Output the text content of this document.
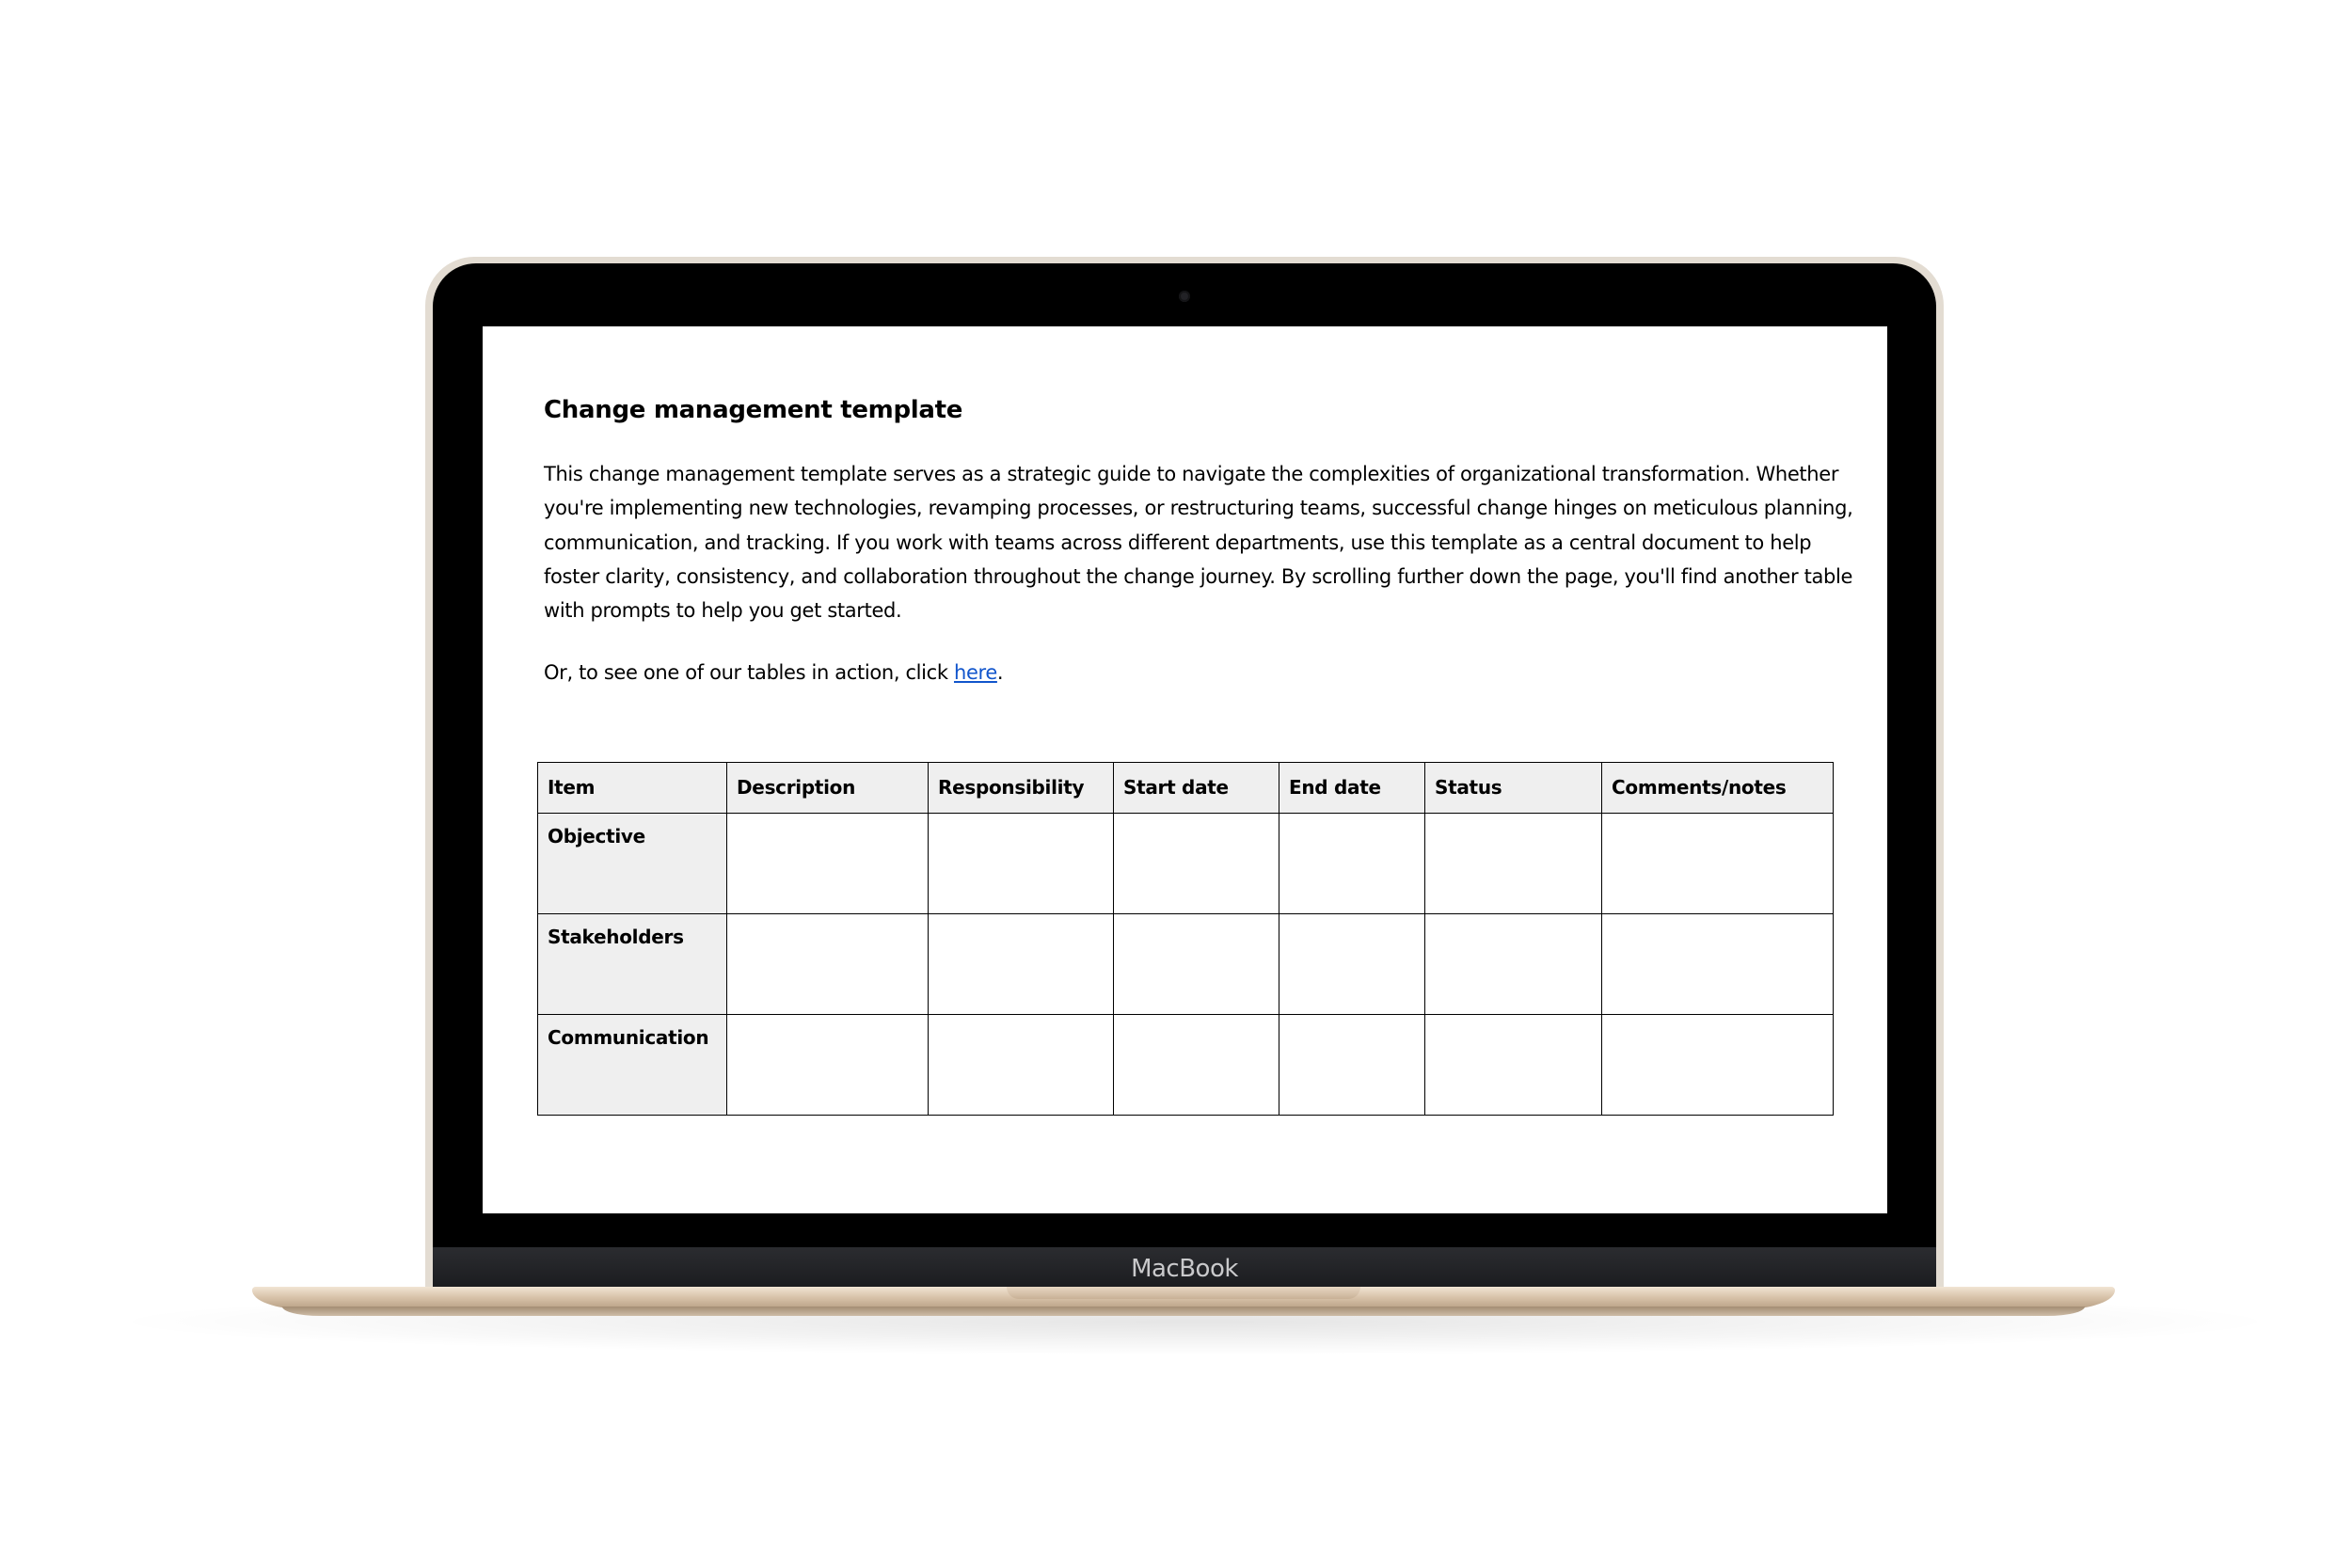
Change management template

This change management template serves as a strategic guide to navigate the complexities of organizational transformation. Whether you're implementing new technologies, revamping processes, or restructuring teams, successful change hinges on meticulous planning, communication, and tracking. If you work with teams across different departments, use this template as a central document to help foster clarity, consistency, and collaboration throughout the change journey. By scrolling further down the page, you'll find another table with prompts to help you get started.

Or, to see one of our tables in action, click here.

Item	Description	Responsibility	Start date	End date	Status	Comments/notes
Objective						
Stakeholders						
Communication						
MacBook
